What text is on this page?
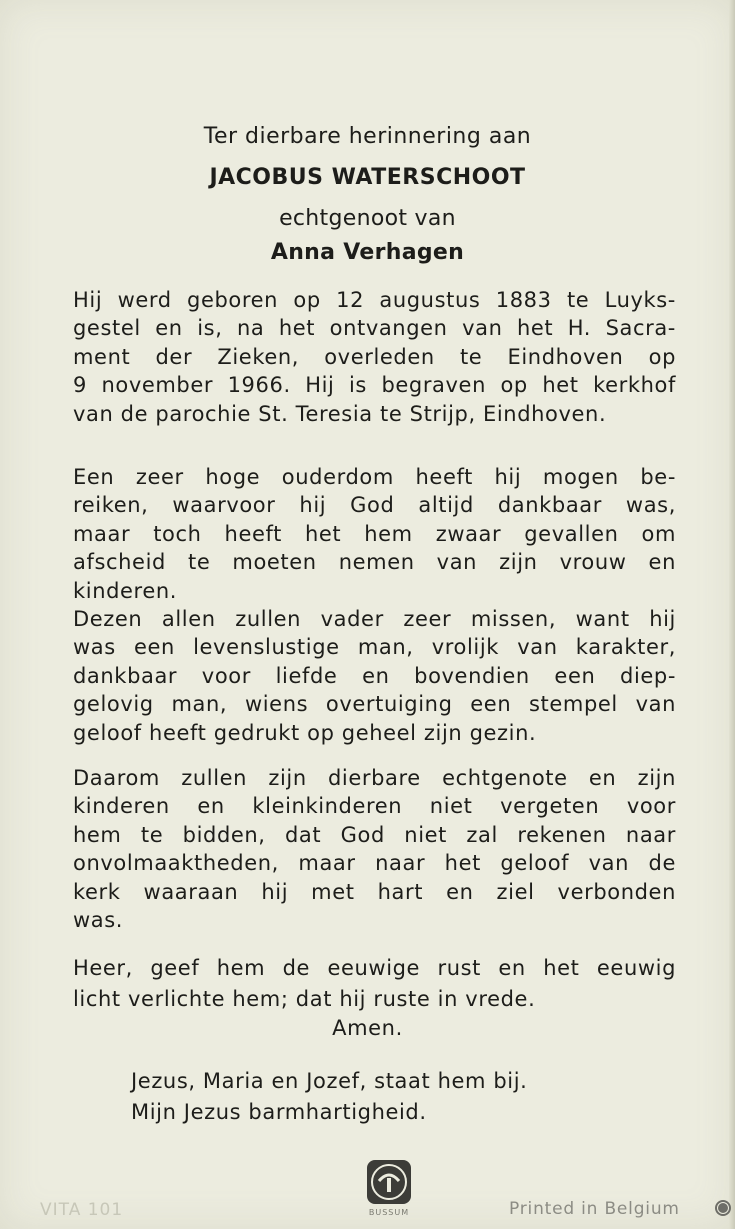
Ter dierbare herinnering aan
JACOBUS WATERSCHOOT
echtgenoot van
Anna Verhagen
Hij werd geboren op 12 augustus 1883 te Luyks-
gestel en is, na het ontvangen van het H. Sacra-
ment der Zieken, overleden te Eindhoven op
9 november 1966. Hij is begraven op het kerkhof
van de parochie St. Teresia te Strijp, Eindhoven.
Een zeer hoge ouderdom heeft hij mogen be-
reiken, waarvoor hij God altijd dankbaar was,
maar toch heeft het hem zwaar gevallen om
afscheid te moeten nemen van zijn vrouw en
kinderen.
Dezen allen zullen vader zeer missen, want hij
was een levenslustige man, vrolijk van karakter,
dankbaar voor liefde en bovendien een diep-
gelovig man, wiens overtuiging een stempel van
geloof heeft gedrukt op geheel zijn gezin.
Daarom zullen zijn dierbare echtgenote en zijn
kinderen en kleinkinderen niet vergeten voor
hem te bidden, dat God niet zal rekenen naar
onvolmaaktheden, maar naar het geloof van de
kerk waaraan hij met hart en ziel verbonden
was.
Heer, geef hem de eeuwige rust en het eeuwig
licht verlichte hem; dat hij ruste in vrede.
Amen.
Jezus, Maria en Jozef, staat hem bij.
Mijn Jezus barmhartigheid.
BUSSUM
VITA 101	Printed in Belgium
